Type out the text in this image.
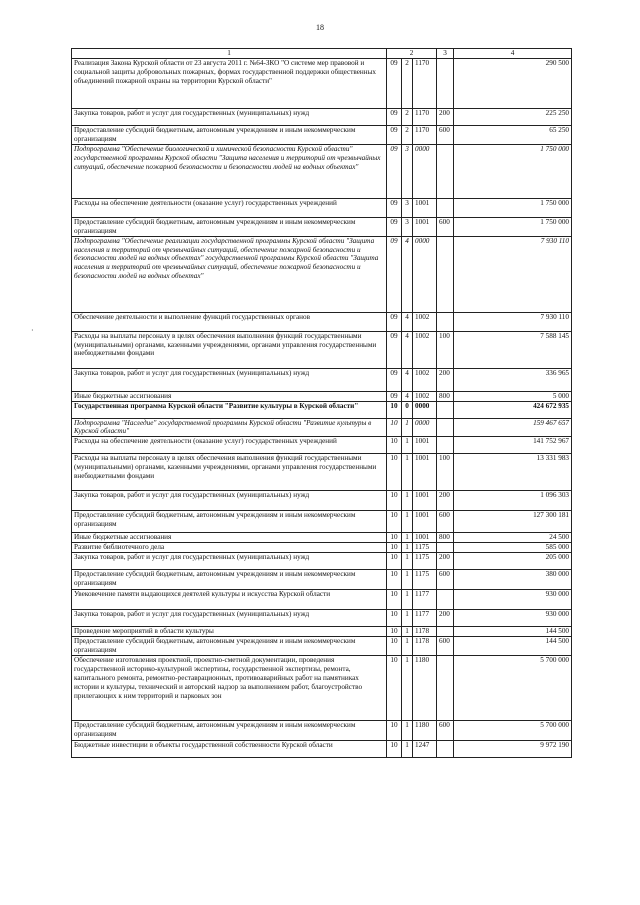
18
·
1	2			3	4
Реализация Закона Курской области от 23 августа 2011 г. №64-ЗКО "О системе мер правовой и социальной защиты добровольных пожарных, формах государственной поддержки общественных объединений пожарной охраны на территории Курской области"	09	2	1170		290 500
Закупка товаров, работ и услуг для государственных (муниципальных) нужд	09	2	1170	200	225 250
Предоставление субсидий бюджетным, автономным учреждениям и иным некоммерческим организациям	09	2	1170	600	65 250
Подпрограмма "Обеспечение биологической и химической безопасности Курской области" государственной программы Курской области "Защита населения и территорий от чрезвычайных ситуаций, обеспечение пожарной безопасности и безопасности людей на водных объектах"	09	3	0000		1 750 000
Расходы на обеспечение деятельности (оказание услуг) государственных учреждений	09	3	1001		1 750 000
Предоставление субсидий бюджетным, автономным учреждениям и иным некоммерческим организациям	09	3	1001	600	1 750 000
Подпрограмма "Обеспечение реализации государственной программы Курской области "Защита населения и территорий от чрезвычайных ситуаций, обеспечение пожарной безопасности и безопасности людей на водных объектах" государственной программы Курской области "Защита населения и территорий от чрезвычайных ситуаций, обеспечение пожарной безопасности и безопасности людей на водных объектах"	09	4	0000		7 930 110
Обеспечение деятельности и выполнение функций государственных органов	09	4	1002		7 930 110
Расходы на выплаты персоналу в целях обеспечения выполнения функций государственными (муниципальными) органами, казенными учреждениями, органами управления государственными внебюджетными фондами	09	4	1002	100	7 588 145
Закупка товаров, работ и услуг для государственных (муниципальных) нужд	09	4	1002	200	336 965
Иные бюджетные ассигнования	09	4	1002	800	5 000
Государственная программа Курской области "Развитие культуры в Курской области"	10	0	0000		424 672 935
Подпрограмма "Наследие" государственной программы Курской области "Развитие культуры в Курской области"	10	1	0000		159 467 657
Расходы на обеспечение деятельности (оказание услуг) государственных учреждений	10	1	1001		141 752 967
Расходы на выплаты персоналу в целях обеспечения выполнения функций государственными (муниципальными) органами, казенными учреждениями, органами управления государственными внебюджетными фондами	10	1	1001	100	13 331 983
Закупка товаров, работ и услуг для государственных (муниципальных) нужд	10	1	1001	200	1 096 303
Предоставление субсидий бюджетным, автономным учреждениям и иным некоммерческим организациям	10	1	1001	600	127 300 181
Иные бюджетные ассигнования	10	1	1001	800	24 500
Развитие библиотечного дела	10	1	1175		585 000
Закупка товаров, работ и услуг для государственных (муниципальных) нужд	10	1	1175	200	205 000
Предоставление субсидий бюджетным, автономным учреждениям и иным некоммерческим организациям	10	1	1175	600	380 000
Увековечение памяти выдающихся деятелей культуры и искусства Курской области	10	1	1177		930 000
Закупка товаров, работ и услуг для государственных (муниципальных) нужд	10	1	1177	200	930 000
Проведение мероприятий в области культуры	10	1	1178		144 500
Предоставление субсидий бюджетным, автономным учреждениям и иным некоммерческим организациям	10	1	1178	600	144 500
Обеспечение изготовления проектной, проектно-сметной документации, проведения государственной историко-культурной экспертизы, государственной экспертизы, ремонта, капитального ремонта, ремонтно-реставрационных, противоаварийных работ на памятниках истории и культуры, технический и авторский надзор за выполнением работ, благоустройство прилегающих к ним территорий и парковых зон	10	1	1180		5 700 000
Предоставление субсидий бюджетным, автономным учреждениям и иным некоммерческим организациям	10	1	1180	600	5 700 000
Бюджетные инвестиции в объекты государственной собственности Курской области	10	1	1247		9 972 190
